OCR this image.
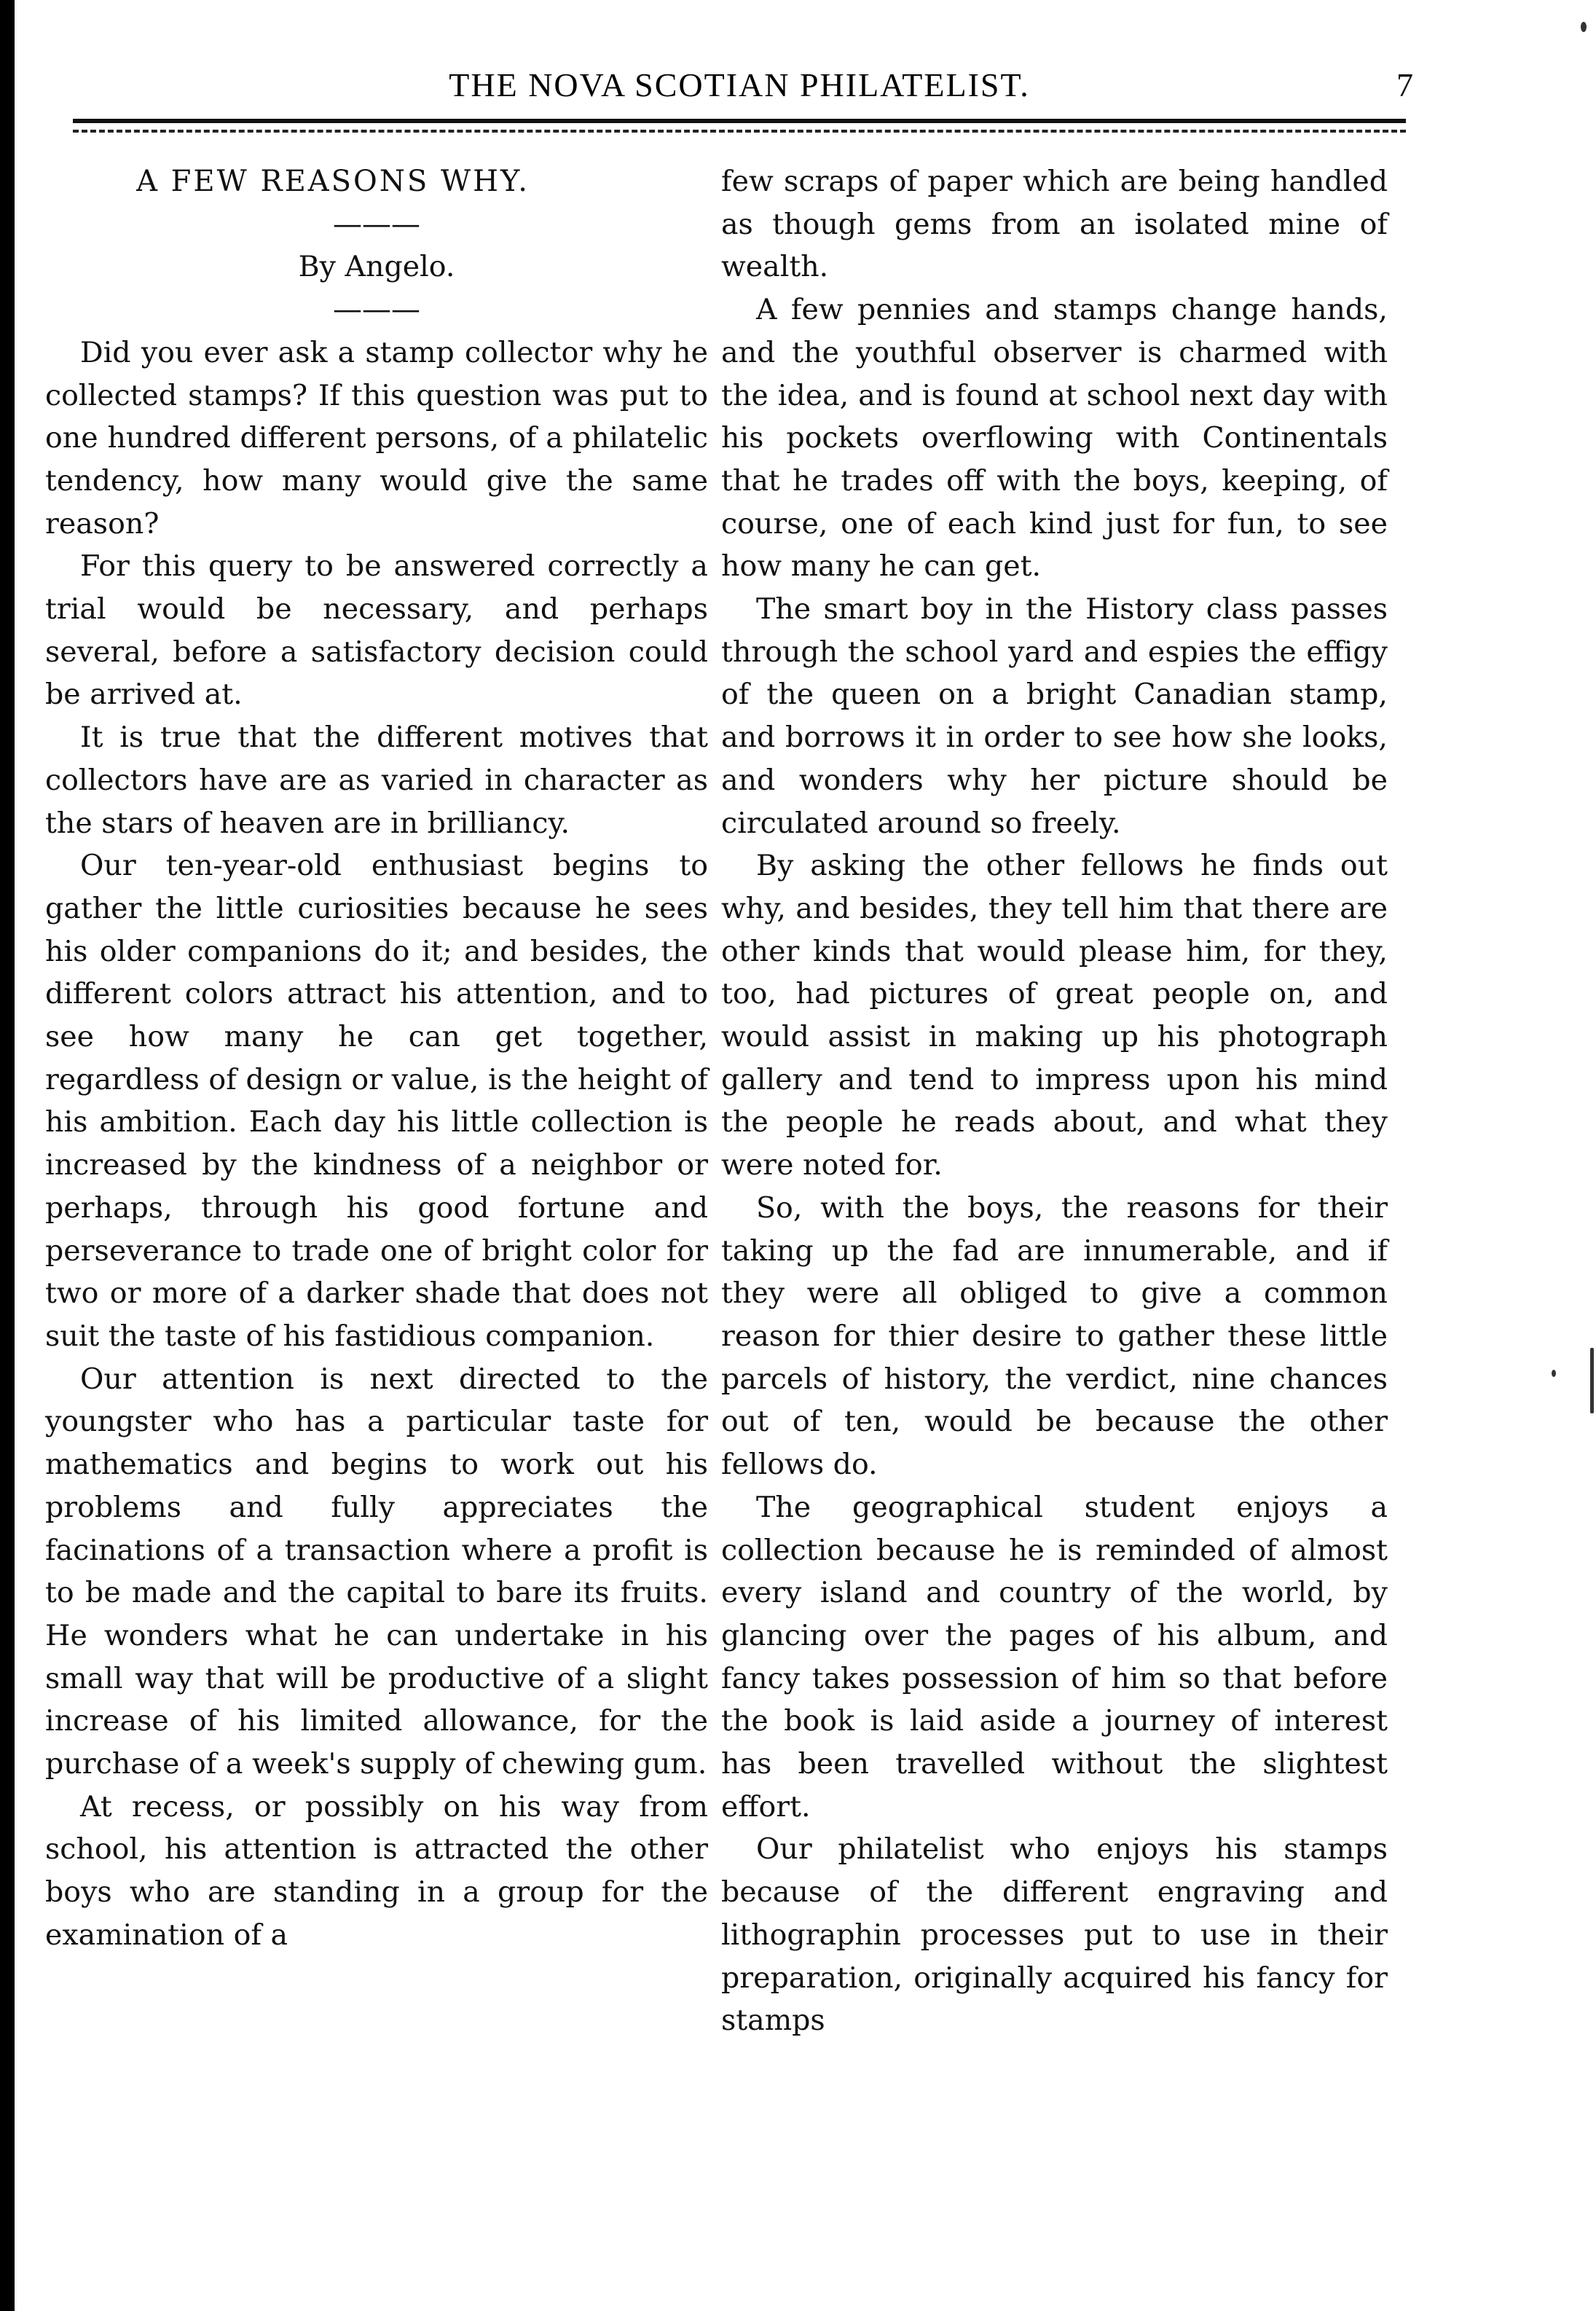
THE NOVA SCOTIAN PHILATELIST.	7

A FEW REASONS WHY.

———

By Angelo.

———

Did you ever ask a stamp collector why he collected stamps? If this question was put to one hundred different persons, of a philatelic tendency, how many would give the same reason?

For this query to be answered correctly a trial would be necessary, and perhaps several, before a satisfactory decision could be arrived at.

It is true that the different motives that collectors have are as varied in character as the stars of heaven are in brilliancy.

Our ten-year-old enthusiast begins to gather the little curiosities because he sees his older companions do it; and besides, the different colors attract his attention, and to see how many he can get together, regardless of design or value, is the height of his ambition. Each day his little collection is increased by the kindness of a neighbor or perhaps, through his good fortune and perseverance to trade one of bright color for two or more of a darker shade that does not suit the taste of his fastidious companion.

Our attention is next directed to the youngster who has a particular taste for mathematics and begins to work out his problems and fully appreciates the facinations of a transaction where a profit is to be made and the capital to bare its fruits. He wonders what he can undertake in his small way that will be productive of a slight increase of his limited allowance, for the purchase of a week's supply of chewing gum.

At recess, or possibly on his way from school, his attention is attracted the other boys who are standing in a group for the examination of a

few scraps of paper which are being handled as though gems from an isolated mine of wealth.

A few pennies and stamps change hands, and the youthful observer is charmed with the idea, and is found at school next day with his pockets overflowing with Continentals that he trades off with the boys, keeping, of course, one of each kind just for fun, to see how many he can get.

The smart boy in the History class passes through the school yard and espies the effigy of the queen on a bright Canadian stamp, and borrows it in order to see how she looks, and wonders why her picture should be circulated around so freely.

By asking the other fellows he finds out why, and besides, they tell him that there are other kinds that would please him, for they, too, had pictures of great people on, and would assist in making up his photograph gallery and tend to impress upon his mind the people he reads about, and what they were noted for.

So, with the boys, the reasons for their taking up the fad are innumerable, and if they were all obliged to give a common reason for thier desire to gather these little parcels of history, the verdict, nine chances out of ten, would be because the other fellows do.

The geographical student enjoys a collection because he is reminded of almost every island and country of the world, by glancing over the pages of his album, and fancy takes possession of him so that before the book is laid aside a journey of interest has been travelled without the slightest effort.

Our philatelist who enjoys his stamps because of the different engraving and lithographin processes put to use in their preparation, originally acquired his fancy for stamps
